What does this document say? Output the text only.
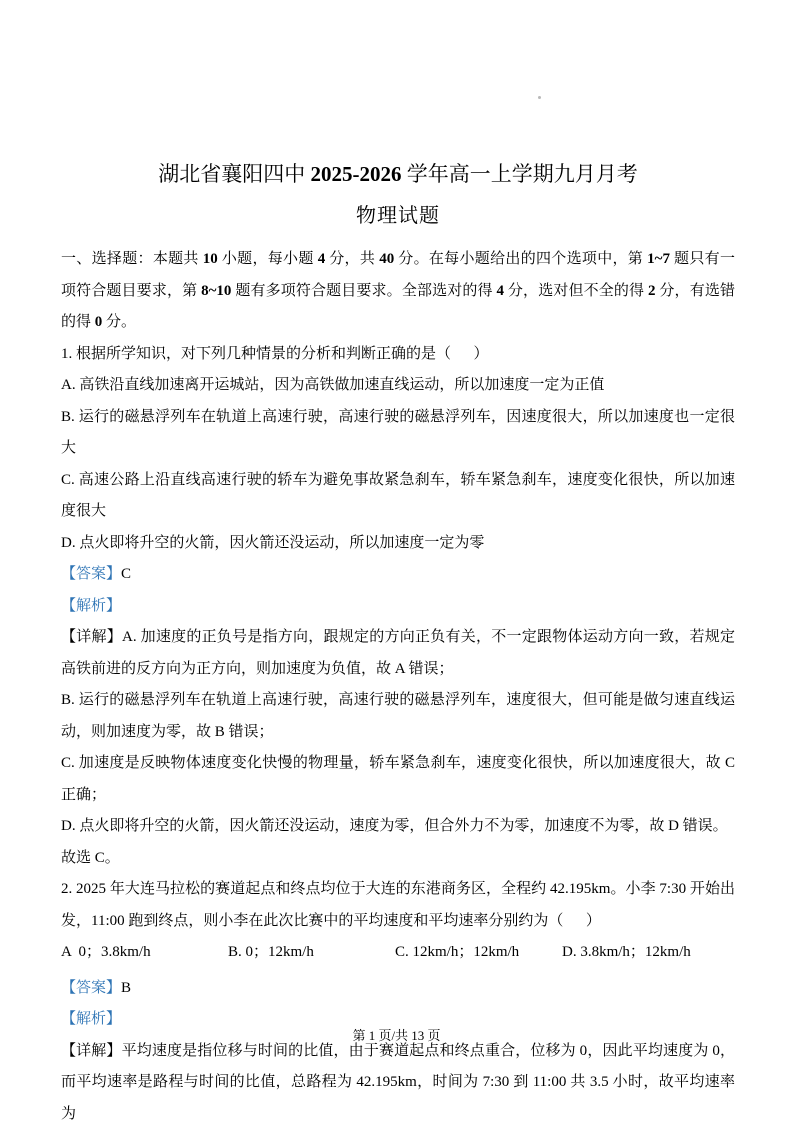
湖北省襄阳四中 2025-2026 学年高一上学期九月月考
物理试题

一、选择题：本题共 10 小题，每小题 4 分，共 40 分。在每小题给出的四个选项中，第 1~7 题只有一项符合题目要求，第 8~10 题有多项符合题目要求。全部选对的得 4 分，选对但不全的得 2 分，有选错的得 0 分。

1. 根据所学知识，对下列几种情景的分析和判断正确的是（      ）

A. 高铁沿直线加速离开运城站，因为高铁做加速直线运动，所以加速度一定为正值

B. 运行的磁悬浮列车在轨道上高速行驶，高速行驶的磁悬浮列车，因速度很大，所以加速度也一定很大

C. 高速公路上沿直线高速行驶的轿车为避免事故紧急刹车，轿车紧急刹车，速度变化很快，所以加速度很大

D. 点火即将升空的火箭，因火箭还没运动，所以加速度一定为零

【答案】C

【解析】

【详解】A. 加速度的正负号是指方向，跟规定的方向正负有关，不一定跟物体运动方向一致，若规定高铁前进的反方向为正方向，则加速度为负值，故 A 错误；

B. 运行的磁悬浮列车在轨道上高速行驶，高速行驶的磁悬浮列车，速度很大，但可能是做匀速直线运动，则加速度为零，故 B 错误；

C. 加速度是反映物体速度变化快慢的物理量，轿车紧急刹车，速度变化很快，所以加速度很大，故 C 正确；

D. 点火即将升空的火箭，因火箭还没运动，速度为零，但合外力不为零，加速度不为零，故 D 错误。

故选 C。

2. 2025 年大连马拉松的赛道起点和终点均位于大连的东港商务区，全程约 42.195km。小李 7:30 开始出发，11:00 跑到终点，则小李在此次比赛中的平均速度和平均速率分别约为（      ）

A  0；3.8km/h	B. 0；12km/h	C. 12km/h；12km/h	D. 3.8km/h；12km/h

【答案】B

【解析】

【详解】平均速度是指位移与时间的比值，由于赛道起点和终点重合，位移为 0，因此平均速度为 0，而平均速率是路程与时间的比值，总路程为 42.195km，时间为 7:30 到 11:00 共 3.5 小时，故平均速率为

第 1 页/共 13 页
